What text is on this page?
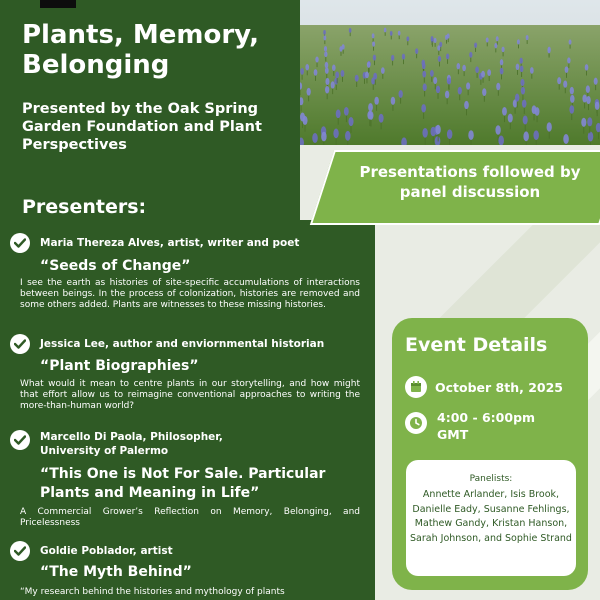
Plants, Memory, Belonging

Presented by the Oak Spring Garden Foundation and Plant Perspectives

Presentations followed by panel discussion
Presenters:
Maria Thereza Alves, artist, writer and poet
“Seeds of Change”

I see the earth as histories of site-specific accumulations of interactions between beings. In the process of colonization, histories are removed and some others added. Plants are witnesses to these missing histories.

Jessica Lee, author and enviornmental historian
“Plant Biographies”

What would it mean to centre plants in our storytelling, and how might that effort allow us to reimagine conventional approaches to writing the more-than-human world?

Marcello Di Paola, Philosopher,
University of Palermo
“This One is Not For Sale. Particular
Plants and Meaning in Life”

A Commercial Grower’s Reflection on Memory, Belonging, and Pricelessness

Goldie Poblador, artist
“The Myth Behind”

“My research behind the histories and mythology of plants

Event Details
October 8th, 2025
4:00 - 6:00pm
GMT
Panelists:
Annette Arlander, Isis Brook, Danielle Eady, Susanne Fehlings, Mathew Gandy, Kristan Hanson, Sarah Johnson, and Sophie Strand
